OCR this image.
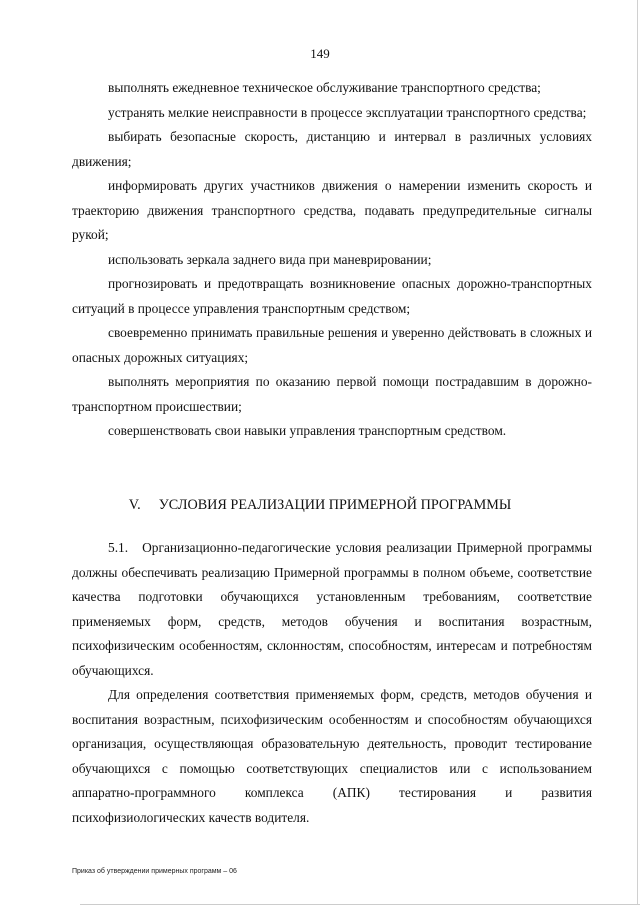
149

выполнять ежедневное техническое обслуживание транспортного средства;

устранять мелкие неисправности в процессе эксплуатации транспортного средства;

выбирать безопасные скорость, дистанцию и интервал в различных условиях движения;

информировать других участников движения о намерении изменить скорость и траекторию движения транспортного средства, подавать предупредительные сигналы рукой;

использовать зеркала заднего вида при маневрировании;

прогнозировать и предотвращать возникновение опасных дорожно-транспортных ситуаций в процессе управления транспортным средством;

своевременно принимать правильные решения и уверенно действовать в сложных и опасных дорожных ситуациях;

выполнять мероприятия по оказанию первой помощи пострадавшим в дорожно-транспортном происшествии;

совершенствовать свои навыки управления транспортным средством.

V. УСЛОВИЯ РЕАЛИЗАЦИИ ПРИМЕРНОЙ ПРОГРАММЫ

5.1. Организационно-педагогические условия реализации Примерной программы должны обеспечивать реализацию Примерной программы в полном объеме, соответствие качества подготовки обучающихся установленным требованиям, соответствие применяемых форм, средств, методов обучения и воспитания возрастным, психофизическим особенностям, склонностям, способностям, интересам и потребностям обучающихся.

Для определения соответствия применяемых форм, средств, методов обучения и воспитания возрастным, психофизическим особенностям и способностям обучающихся организация, осуществляющая образовательную деятельность, проводит тестирование обучающихся с помощью соответствующих специалистов или с использованием аппаратно-программного комплекса (АПК) тестирования и развития психофизиологических качеств водителя.

Приказ об утверждении примерных программ – 06
